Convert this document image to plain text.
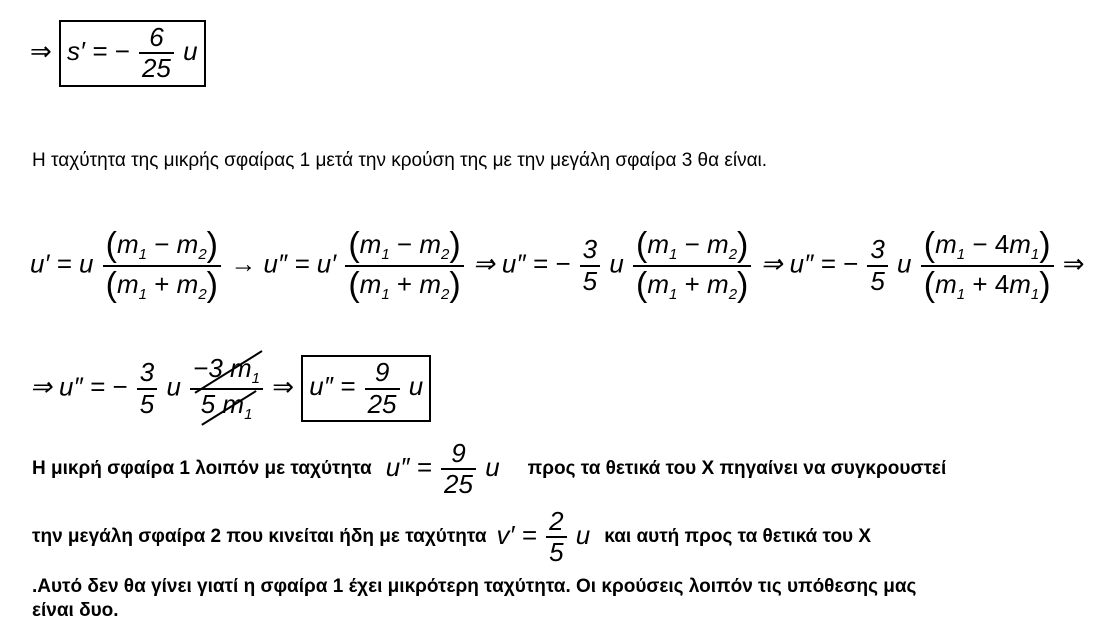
⇒ s′ = − $\frac{6}{25}$ u
Η ταχύτητα της μικρής σφαίρας 1 μετά την κρούση της με την μεγάλη σφαίρα 3 θα είναι.
u′ = u $\frac{(m_1 - m_2)}{(m_1 + m_2)} \to u'' = u' \frac{(m_1 - m_2)}{(m_1 + m_2)}$ ⇒ u″ = − $\frac{3}{5}$ u $\frac{(m_1 - m_2)}{(m_1 + m_2)}$ ⇒ u″ = − $\frac{3}{5}$ u $\frac{(m_1 - 4m_1)}{(m_1 + 4m_1)}$ ⇒
⇒ u″ = − $\frac{3}{5}$ u $\frac{-3 m_1}{5 m_1}$ ⇒ $u'' = \frac{9}{25}$ u
Η μικρή σφαίρα 1 λοιπόν με ταχύτητα $u'' = \frac{9}{25}$ u προς τα θετικά του Χ πηγαίνει να συγκρουστεί
την μεγάλη σφαίρα 2 που κινείται ήδη με ταχύτητα $v' = \frac{2}{5}$ u και αυτή προς τα θετικά του Χ
.Αυτό δεν θα γίνει γιατί η σφαίρα 1 έχει μικρότερη ταχύτητα. Οι κρούσεις λοιπόν τις υπόθεσης μας
είναι δυο.
